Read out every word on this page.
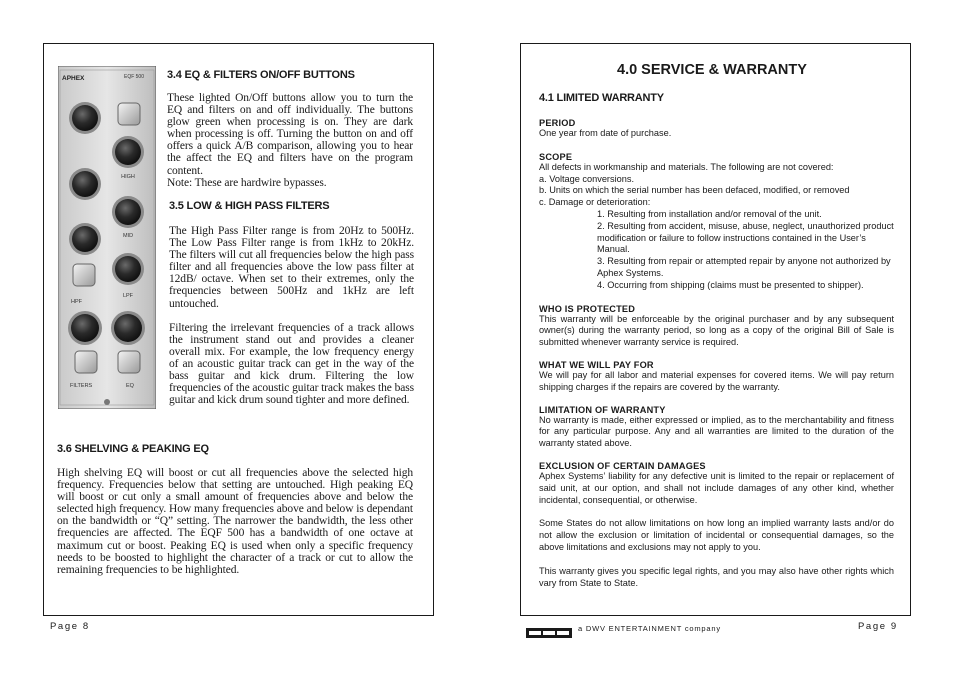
APHEX	EQF 500
HIGH
MID
HPF
LPF
FILTERS	EQ
3.4 EQ & FILTERS ON/OFF BUTTONS
These lighted On/Off buttons allow you to turn the EQ and filters on and off individually. The buttons glow green when processing is on. They are dark when processing is off. Turning the button on and off offers a quick A/B comparison, allowing you to hear the affect the EQ and filters have on the program content.
Note: These are hardwire bypasses.
3.5 LOW & HIGH PASS FILTERS
The High Pass Filter range is from 20Hz to 500Hz. The Low Pass Filter range is from 1kHz to 20kHz. The filters will cut all frequencies below the high pass filter and all frequencies above the low pass filter at 12dB/ octave. When set to their extremes, only the frequencies between 500Hz and 1kHz are left untouched.
Filtering the irrelevant frequencies of a track allows the instrument stand out and provides a cleaner overall mix. For example, the low frequency energy of an acoustic guitar track can get in the way of the bass guitar and kick drum. Filtering the low frequencies of the acoustic guitar track makes the bass guitar and kick drum sound tighter and more defined.
3.6 SHELVING & PEAKING EQ
High shelving EQ will boost or cut all frequencies above the selected high frequency. Frequencies below that setting are untouched. High peaking EQ will boost or cut only a small amount of frequencies above and below the selected high frequency. How many frequencies above and below is dependant on the bandwidth or “Q” setting. The narrower the bandwidth, the less other frequencies are affected. The EQF 500 has a bandwidth of one octave at maximum cut or boost. Peaking EQ is used when only a specific frequency needs to be boosted to highlight the character of a track or cut to allow the remaining frequencies to be highlighted.
Page 8
4.0 SERVICE & WARRANTY
4.1 LIMITED WARRANTY
PERIOD
One year from date of purchase.
SCOPE
All defects in workmanship and materials. The following are not covered:
a. Voltage conversions.
b. Units on which the serial number has been defaced, modified, or removed
c. Damage or deterioration:
1. Resulting from installation and/or removal of the unit.
2. Resulting from accident, misuse, abuse, neglect, unauthorized product modification or failure to follow instructions contained in the User’s Manual.
3. Resulting from repair or attempted repair by anyone not authorized by Aphex Systems.
4. Occurring from shipping (claims must be presented to shipper).
WHO IS PROTECTED
This warranty will be enforceable by the original purchaser and by any subsequent owner(s) during the warranty period, so long as a copy of the original Bill of Sale is submitted whenever warranty service is required.
WHAT WE WILL PAY FOR
We will pay for all labor and material expenses for covered items. We will pay return shipping charges if the repairs are covered by the warranty.
LIMITATION OF WARRANTY
No warranty is made, either expressed or implied, as to the merchantability and fitness for any particular purpose. Any and all warranties are limited to the duration of the warranty stated above.
EXCLUSION OF CERTAIN DAMAGES
Aphex Systems’ liability for any defective unit is limited to the repair or replacement of said unit, at our option, and shall not include damages of any other kind, whether incidental, consequential, or otherwise.
Some States do not allow limitations on how long an implied warranty lasts and/or do not allow the exclusion or limitation of incidental or consequential damages, so the above limitations and exclusions may not apply to you.
This warranty gives you specific legal rights, and you may also have other rights which vary from State to State.
a DWV ENTERTAINMENT company	Page 9
